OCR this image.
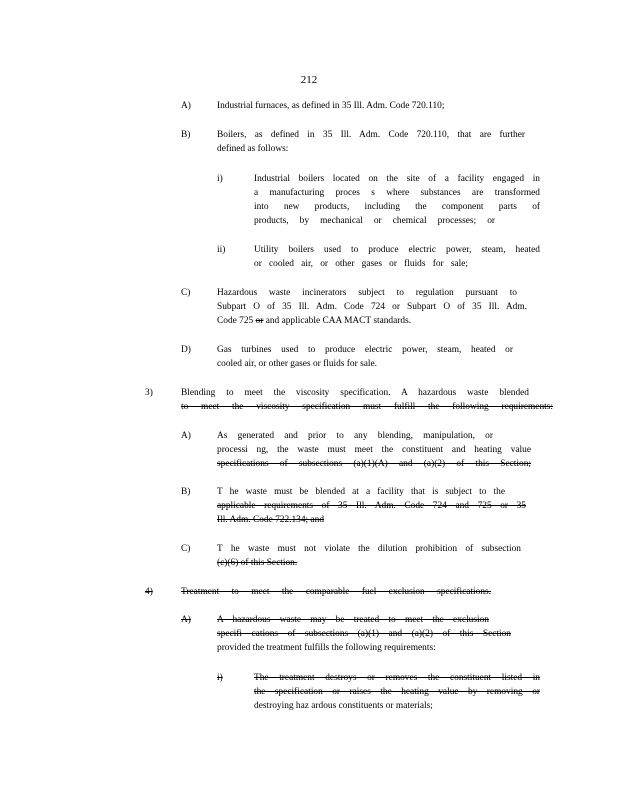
212
A)	Industrial furnaces, as defined in 35 Ill. Adm. Code 720.110;
B)	Boilers, as defined in 35 Ill. Adm. Code 720.110, that are further
defined as follows:
i)	Industrial boilers located on the site of a facility engaged in
a manufacturing proces s where substances are transformed
into new products, including the component parts of
products, by mechanical or chemical processes; or
ii)	Utility boilers used to produce electric power, steam, heated
or cooled air, or other gases or fluids for sale;
C)	Hazardous waste incinerators subject to regulation pursuant to
Subpart O of 35 Ill. Adm. Code 724 or Subpart O of 35 Ill. Adm.
Code 725 or and applicable CAA MACT standards.
D)	Gas turbines used to produce electric power, steam, heated or
cooled air, or other gases or fluids for sale.
3)	Blending to meet the viscosity specification. A hazardous waste blended
to meet the viscosity specification must fulfill the following requirements:
A)	As generated and prior to any blending, manipulation, or
processi ng, the waste must meet the constituent and heating value
specifications of subsections (a)(1)(A) and (a)(2) of this Section;
B)	T he waste must be blended at a facility that is subject to the
applicable requirements of 35 Ill. Adm. Code 724 and 725 or 35
Ill. Adm. Code 722.134; and
C)	T he waste must not violate the dilution prohibition of subsection
(c)(6) of this Section.
4)	Treatment to meet the comparable fuel exclusion specifications.
A)	A hazardous waste may be treated to meet the exclusion
specifi cations of subsections (a)(1) and (a)(2) of this Section
provided the treatment fulfills the following requirements:
i)	The treatment destroys or removes the constituent listed in
the specification or raises the heating value by removing or
destroying haz ardous constituents or materials;
